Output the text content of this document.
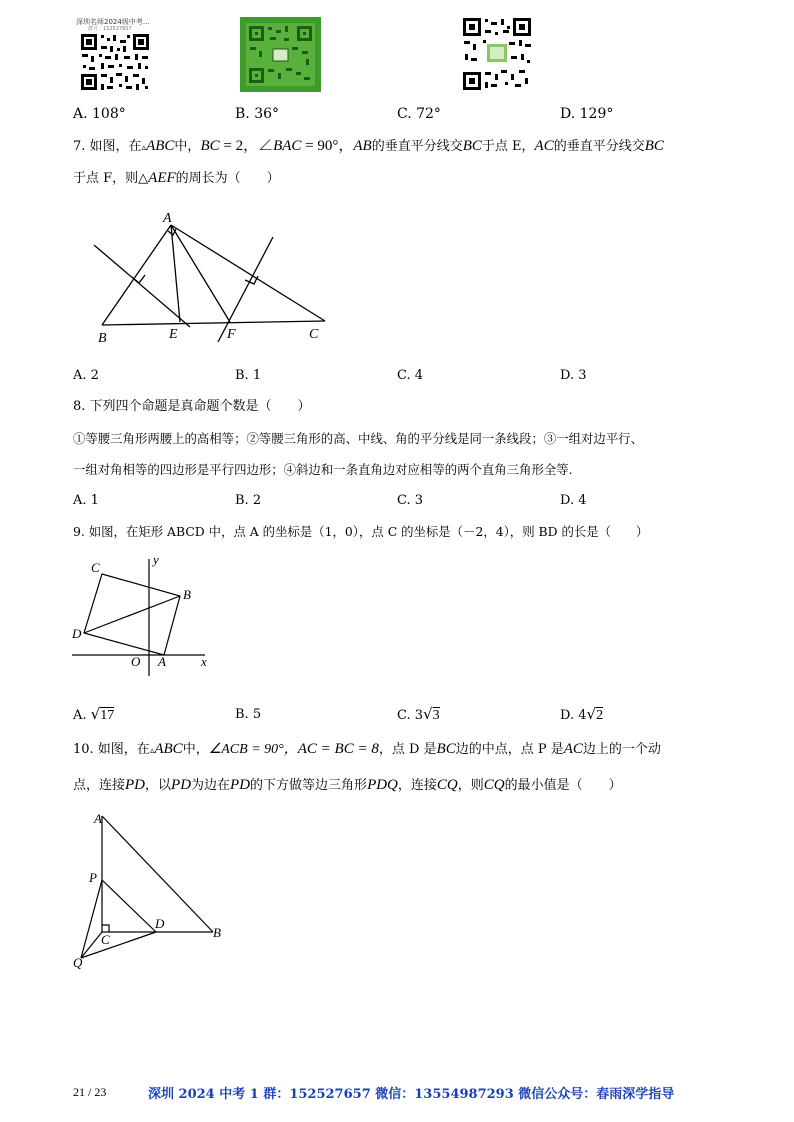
深圳名师2024级中考...
群号：152527657
A. 108°	B. 36°	C. 72°	D. 129°
7. 如图，在▵ABC中，BC = 2，∠BAC = 90°，AB的垂直平分线交BC于点 E，AC的垂直平分线交BC
于点 F，则△AEF的周长为（　　）
A
B	E	F	C
A. 2	B. 1	C. 4	D. 3
8. 下列四个命题是真命题个数是（　　）
①等腰三角形两腰上的高相等；②等腰三角形的高、中线、角的平分线是同一条线段；③一组对边平行、
一组对角相等的四边形是平行四边形；④斜边和一条直角边对应相等的两个直角三角形全等.
A. 1	B. 2	C. 3	D. 4
9. 如图，在矩形 ABCD 中，点 A 的坐标是（1，0），点 C 的坐标是（－2，4），则 BD 的长是（　　）
C
B
D
O A	x
y
A. √17	B. 5	C. 3√3	D. 4√2
10. 如图，在▵ABC中，∠ACB = 90°，AC = BC = 8，点 D 是BC边的中点，点 P 是AC边上的一个动
点，连接PD，以PD为边在PD的下方做等边三角形PDQ，连接CQ，则CQ的最小值是（　　）
A
P
D
B
C
Q
21 / 23	深圳 2024 中考 1 群：152527657 微信：13554987293 微信公众号：春雨深学指导
